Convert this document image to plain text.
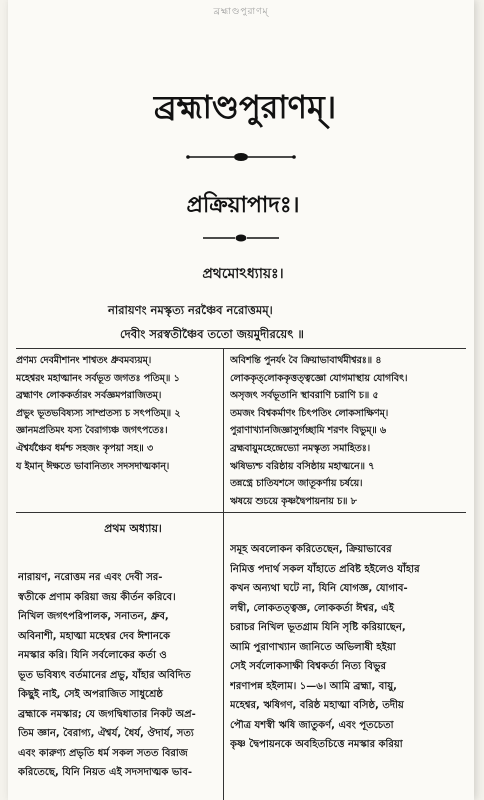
ব্রহ্মাণ্ডপুরাণম্
ব্রহ্মাণ্ডপুরাণম্।
প্রক্রিয়াপাদঃ।
প্রথমোঽধ্যায়ঃ।
নারায়ণং নমস্কৃত্য নরঞ্চৈব নরোত্তমম্।
দেবীং সরস্বতীঞ্চৈব ততো জয়মুদীরয়েৎ ॥
প্রণম্য দেবমীশানং শাশ্বতং ধ্রুবমব্যয়ম্।
মহেশ্বরং মহাত্মানং সর্বভূত জগতঃ পতিম্॥ ১
ব্রহ্মাণং লোককর্তারং সর্বজ্ঞমপরাজিতম্।
প্রভুং ভূতভবিষ্যস্য সাম্প্রতস্য চ সৎপতিম্॥ ২
জ্ঞানমপ্রতিমং যস্য বৈরাগ্যঞ্চ জগৎপতেঃ।
ঐশ্বর্যঞ্চৈব ধর্মশ্চ সহজং কৃপয়া সহ॥ ৩
য ইমান্ ঈক্ষতে ভাবানিত্যং সদসদাত্মকান্।
অবিশন্তি পুনর্যং বৈ ক্রিয়াভাবার্থমীশ্বরঃ॥ ৪
লোককৃত্‌লোককৃত্তত্ত্বজ্ঞো যোগমাস্থায় যোগবিৎ।
অসৃজৎ সর্বভূতানি স্থাবরাণি চরাণি চ॥ ৫
তমজং বিশ্বকর্মাণং চিৎপতিং লোকসাক্ষিণম্।
পুরাণাখ্যানজিজ্ঞাসুর্গচ্ছামি শরণং বিভুম্॥ ৬
ব্রহ্মবায়ুমহেন্দ্রেভ্যো নমস্কৃত্য সমাহিতঃ।
ঋষিভ্যশ্চ বরিষ্ঠায় বসিষ্ঠায় মহাত্মনে॥ ৭
তন্নপ্ত্রে চাতিযশসে জাতূকর্ণায় চর্ষয়ে।
ঋষয়ে শুচয়ে কৃষ্ণদ্বৈপায়নায় চ॥ ৮
প্রথম অধ্যায়।
নারায়ণ, নরোত্তম নর এবং দেবী সর-
স্বতীকে প্রণাম করিয়া জয় কীর্তন করিবে।
নিখিল জগৎপরিপালক, সনাতন, ধ্রুব,
অবিনাশী, মহাত্মা মহেশ্বর দেব ঈশানকে
নমস্কার করি। যিনি সর্বলোকের কর্তা ও
ভূত ভবিষ্যৎ বর্তমানের প্রভু, যাঁহার অবিদিত
কিছুই নাই, সেই অপরাজিত সাধুশ্রেষ্ঠ
ব্রহ্মাকে নমস্কার; যে জগদ্বিধাতার নিকট অপ্র-
তিম জ্ঞান, বৈরাগ্য, ঐশ্বর্য, ধৈর্য, ঔদার্য, সত্য
এবং কারুণ্য প্রভৃতি ধর্ম সকল সতত বিরাজ
করিতেছে, যিনি নিয়ত এই সদসদাত্মক ভাব-
সমূহ অবলোকন করিতেছেন, ক্রিয়াভাবের
নিমিত্ত পদার্থ সকল যাঁহাতে প্রবিষ্ট হইলেও যাঁহার
কখন অন্যথা ঘটে না, যিনি যোগজ্ঞ, যোগাব-
লম্বী, লোকতত্ত্বজ্ঞ, লোককর্তা ঈশ্বর, এই
চরাচর নিখিল ভূতগ্রাম যিনি সৃষ্টি করিয়াছেন,
আমি পুরাণাখ্যান জানিতে অভিলাষী হইয়া
সেই সর্বলোকসাক্ষী বিশ্বকর্তা নিত্য বিভুর
শরণাপন্ন হইলাম। ১—৬। আমি ব্রহ্মা, বায়ু,
মহেশ্বর, ঋষিগণ, বরিষ্ঠ মহাত্মা বসিষ্ঠ, তদীয়
পৌত্র যশস্বী ঋষি জাতুকর্ণ, এবং পূতচেতা
কৃষ্ণ দ্বৈপায়নকে অবহিতচিত্তে নমস্কার করিয়া
